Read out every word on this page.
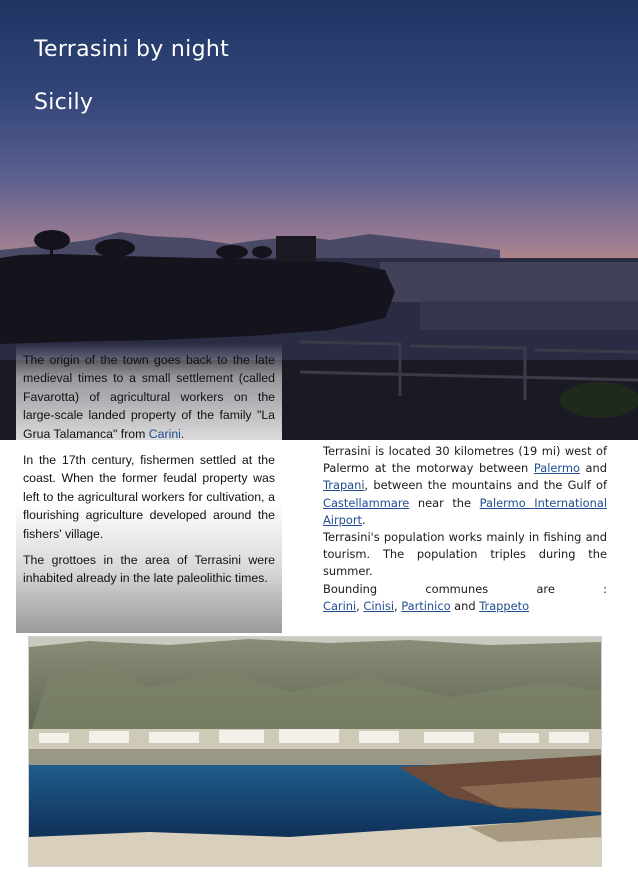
Terrasini by night
Sicily

The origin of the town goes back to the late medieval times to a small settlement (called Favarotta) of agricultural workers on the large-scale landed property of the family "La Grua Talamanca" from Carini.

In the 17th century, fishermen settled at the coast. When the former feudal property was left to the agricultural workers for cultivation, a flourishing agriculture developed around the fishers' village.

The grottoes in the area of Terrasini were inhabited already in the late paleolithic times.

Terrasini is located 30 kilometres (19 mi) west of Palermo at the motorway between Palermo and Trapani, between the mountains and the Gulf of Castellammare near the Palermo International Airport.

Terrasini's population works mainly in fishing and tourism. The population triples during the summer.

Bounding communes are :

Carini, Cinisi, Partinico and Trappeto
